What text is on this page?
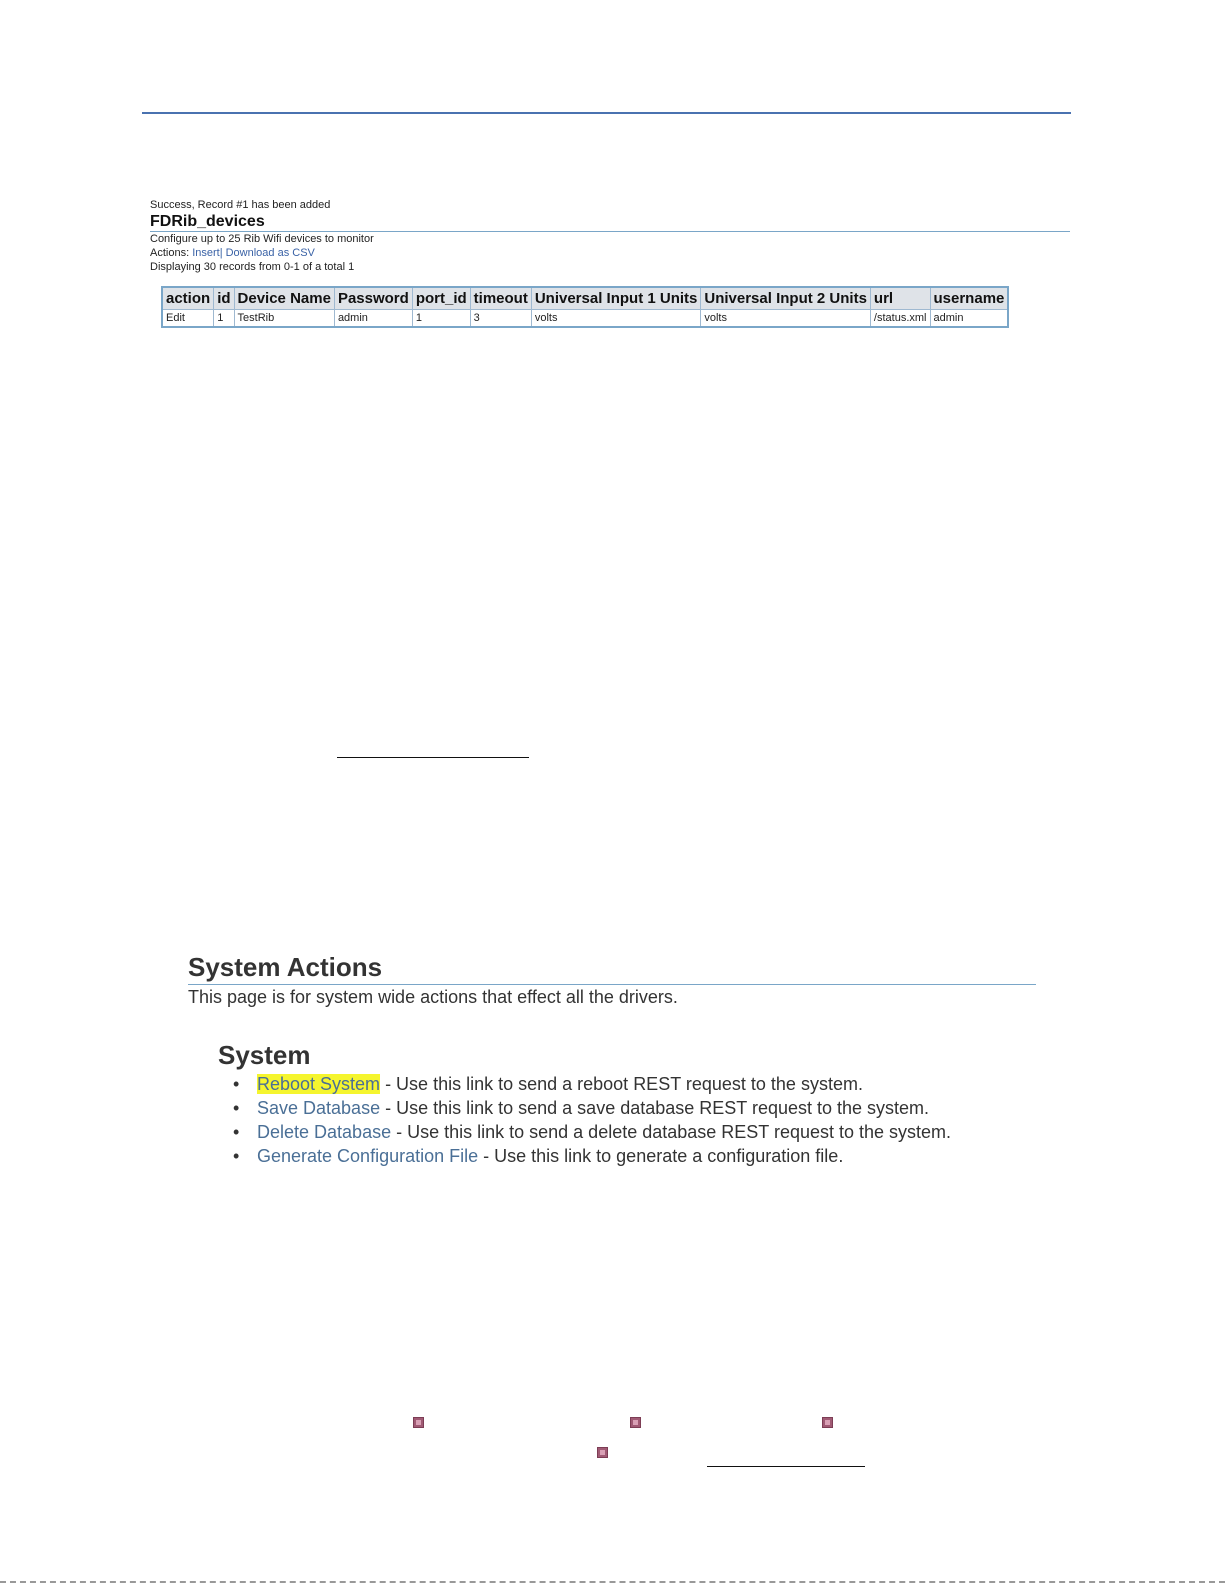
Success, Record #1 has been added
FDRib_devices
Configure up to 25 Rib Wifi devices to monitor
Actions: Insert| Download as CSV
Displaying 30 records from 0-1 of a total 1
action	id	Device Name	Password	port_id	timeout	Universal Input 1 Units	Universal Input 2 Units	url	username
Edit	1	TestRib	admin	1	3	volts	volts	/status.xml	admin
System Actions
This page is for system wide actions that effect all the drivers.
System
• Reboot System - Use this link to send a reboot REST request to the system.
• Save Database - Use this link to send a save database REST request to the system.
• Delete Database - Use this link to send a delete database REST request to the system.
• Generate Configuration File - Use this link to generate a configuration file.
